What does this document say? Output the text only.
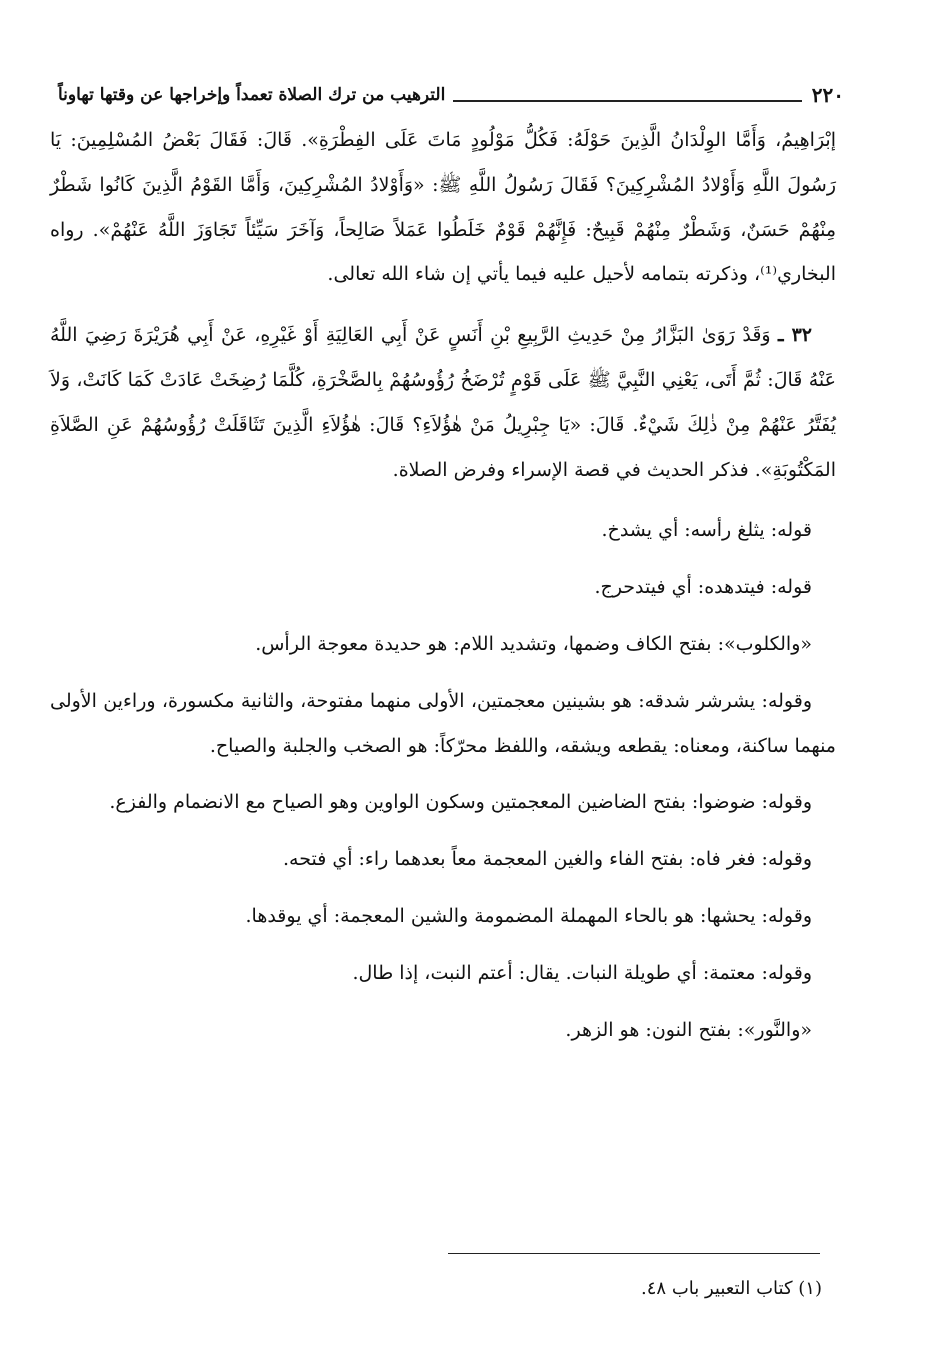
٢٢٠
الترهيب من ترك الصلاة تعمداً وإخراجها عن وقتها تهاوناً

إبْرَاهِيمُ، وَأَمَّا الوِلْدَانُ الَّذِينَ حَوْلَهُ: فَكُلُّ مَوْلُودٍ مَاتَ عَلَى الفِطْرَةِ». قَالَ: فَقَالَ بَعْضُ المُسْلِمِينَ: يَا رَسُولَ اللَّهِ وَأَوْلادُ المُشْرِكِينَ؟ فَقَالَ رَسُولُ اللَّهِ ﷺ: «وَأَوْلادُ المُشْرِكِينَ، وَأَمَّا القَوْمُ الَّذِينَ كَانُوا شَطْرٌ مِنْهُمْ حَسَنٌ، وَشَطْرٌ مِنْهُمْ قَبِيحٌ: فَإِنَّهُمْ قَوْمٌ خَلَطُوا عَمَلاً صَالِحاً، وَآخَرَ سَيِّئاً تَجَاوَزَ اللَّهُ عَنْهُمْ». رواه البخاري⁽¹⁾، وذكرته بتمامه لأحيل عليه فيما يأتي إن شاء الله تعالى.

٣٢ ـ وَقَدْ رَوَىٰ البَزَّارُ مِنْ حَدِيثِ الرَّبِيعِ بْنِ أَنَسٍ عَنْ أَبِي العَالِيَةِ أَوْ غَيْرِهِ، عَنْ أَبِي هُرَيْرَةَ رَضِيَ اللَّهُ عَنْهُ قَالَ: ثُمَّ أَتَى، يَعْنِي النَّبِيَّ ﷺ عَلَى قَوْمٍ تُرْضَخُ رُؤُوسُهُمْ بِالصَّخْرَةِ، كُلَّمَا رُضِخَتْ عَادَتْ كَمَا كَانَتْ، وَلاَ يُفَتَّرُ عَنْهُمْ مِنْ ذٰلِكَ شَيْءٌ. قَالَ: «يَا جِبْرِيلُ مَنْ هٰؤُلاَءِ؟ قَالَ: هٰؤُلاَءِ الَّذِينَ تَثَاقَلَتْ رُؤُوسُهُمْ عَنِ الصَّلاَةِ المَكْتُوبَةِ». فذكر الحديث في قصة الإسراء وفرض الصلاة.

قوله: يثلغ رأسه: أي يشدخ.

قوله: فيتدهده: أي فيتدحرج.

«والكلوب»: بفتح الكاف وضمها، وتشديد اللام: هو حديدة معوجة الرأس.

وقوله: يشرشر شدقه: هو بشينين معجمتين، الأولى منهما مفتوحة، والثانية مكسورة، وراءين الأولى منهما ساكنة، ومعناه: يقطعه ويشقه، واللفظ محرّكاً: هو الصخب والجلبة والصياح.

وقوله: ضوضوا: بفتح الضاضين المعجمتين وسكون الواوين وهو الصياح مع الانضمام والفزع.

وقوله: فغر فاه: بفتح الفاء والغين المعجمة معاً بعدهما راء: أي فتحه.

وقوله: يحشها: هو بالحاء المهملة المضمومة والشين المعجمة: أي يوقدها.

وقوله: معتمة: أي طويلة النبات. يقال: أعتم النبت، إذا طال.

«والنَّور»: بفتح النون: هو الزهر.

(١) كتاب التعبير باب ٤٨.
